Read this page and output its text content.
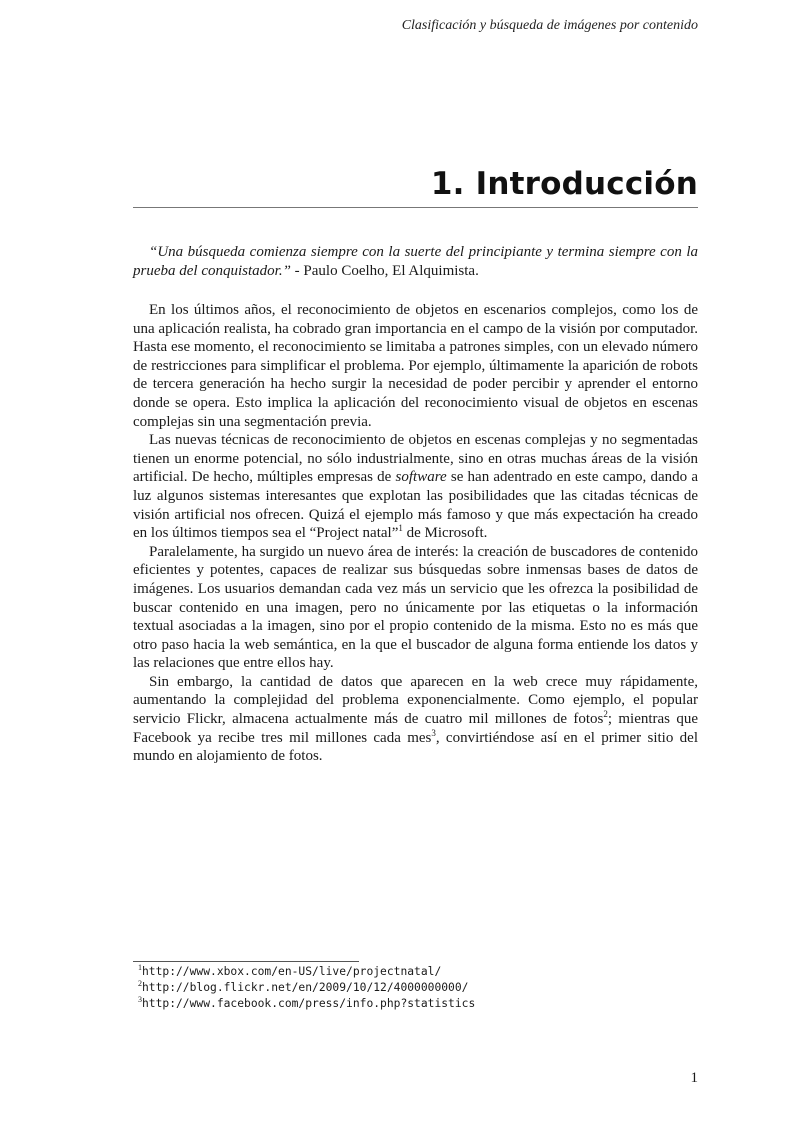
Clasificación y búsqueda de imágenes por contenido
1. Introducción

“Una búsqueda comienza siempre con la suerte del principiante y termina siempre con la prueba del conquistador.” - Paulo Coelho, El Alquimista.

En los últimos años, el reconocimiento de objetos en escenarios complejos, como los de una aplicación realista, ha cobrado gran importancia en el campo de la visión por computador. Hasta ese momento, el reconocimiento se limitaba a patrones simples, con un elevado número de restricciones para simplificar el problema. Por ejemplo, últimamente la aparición de robots de tercera generación ha hecho surgir la necesidad de poder percibir y aprender el entorno donde se opera. Esto implica la aplicación del reconocimiento visual de objetos en escenas complejas sin una segmentación previa.

Las nuevas técnicas de reconocimiento de objetos en escenas complejas y no segmentadas tienen un enorme potencial, no sólo industrialmente, sino en otras muchas áreas de la visión artificial. De hecho, múltiples empresas de software se han adentrado en este campo, dando a luz algunos sistemas interesantes que explotan las posibilidades que las citadas técnicas de visión artificial nos ofrecen. Quizá el ejemplo más famoso y que más expectación ha creado en los últimos tiempos sea el “Project natal”$^1$ de Microsoft.

Paralelamente, ha surgido un nuevo área de interés: la creación de buscadores de contenido eficientes y potentes, capaces de realizar sus búsquedas sobre inmensas bases de datos de imágenes. Los usuarios demandan cada vez más un servicio que les ofrezca la posibilidad de buscar contenido en una imagen, pero no únicamente por las etiquetas o la información textual asociadas a la imagen, sino por el propio contenido de la misma. Esto no es más que otro paso hacia la web semántica, en la que el buscador de alguna forma entiende los datos y las relaciones que entre ellos hay.

Sin embargo, la cantidad de datos que aparecen en la web crece muy rápidamente, aumentando la complejidad del problema exponencialmente. Como ejemplo, el popular servicio Flickr, almacena actualmente más de cuatro mil millones de fotos$^2$; mientras que Facebook ya recibe tres mil millones cada mes$^3$, convirtiéndose así en el primer sitio del mundo en alojamiento de fotos.

$^1$http://www.xbox.com/en-US/live/projectnatal/
$^2$http://blog.flickr.net/en/2009/10/12/4000000000/
$^3$http://www.facebook.com/press/info.php?statistics
1
